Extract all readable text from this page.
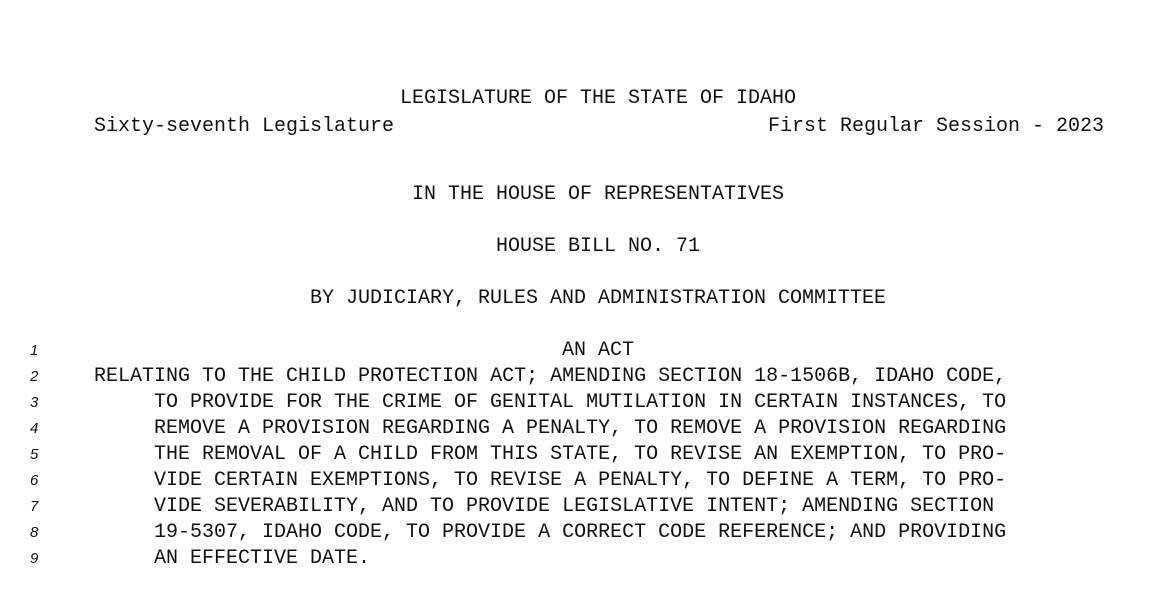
LEGISLATURE OF THE STATE OF IDAHO
Sixty-seventh Legislature	First Regular Session - 2023
IN THE HOUSE OF REPRESENTATIVES
HOUSE BILL NO. 71
BY JUDICIARY, RULES AND ADMINISTRATION COMMITTEE
1	AN ACT
2	RELATING TO THE CHILD PROTECTION ACT; AMENDING SECTION 18-1506B, IDAHO CODE,
3	TO PROVIDE FOR THE CRIME OF GENITAL MUTILATION IN CERTAIN INSTANCES, TO
4	REMOVE A PROVISION REGARDING A PENALTY, TO REMOVE A PROVISION REGARDING
5	THE REMOVAL OF A CHILD FROM THIS STATE, TO REVISE AN EXEMPTION, TO PRO-
6	VIDE CERTAIN EXEMPTIONS, TO REVISE A PENALTY, TO DEFINE A TERM, TO PRO-
7	VIDE SEVERABILITY, AND TO PROVIDE LEGISLATIVE INTENT; AMENDING SECTION
8	19-5307, IDAHO CODE, TO PROVIDE A CORRECT CODE REFERENCE; AND PROVIDING
9	AN EFFECTIVE DATE.
